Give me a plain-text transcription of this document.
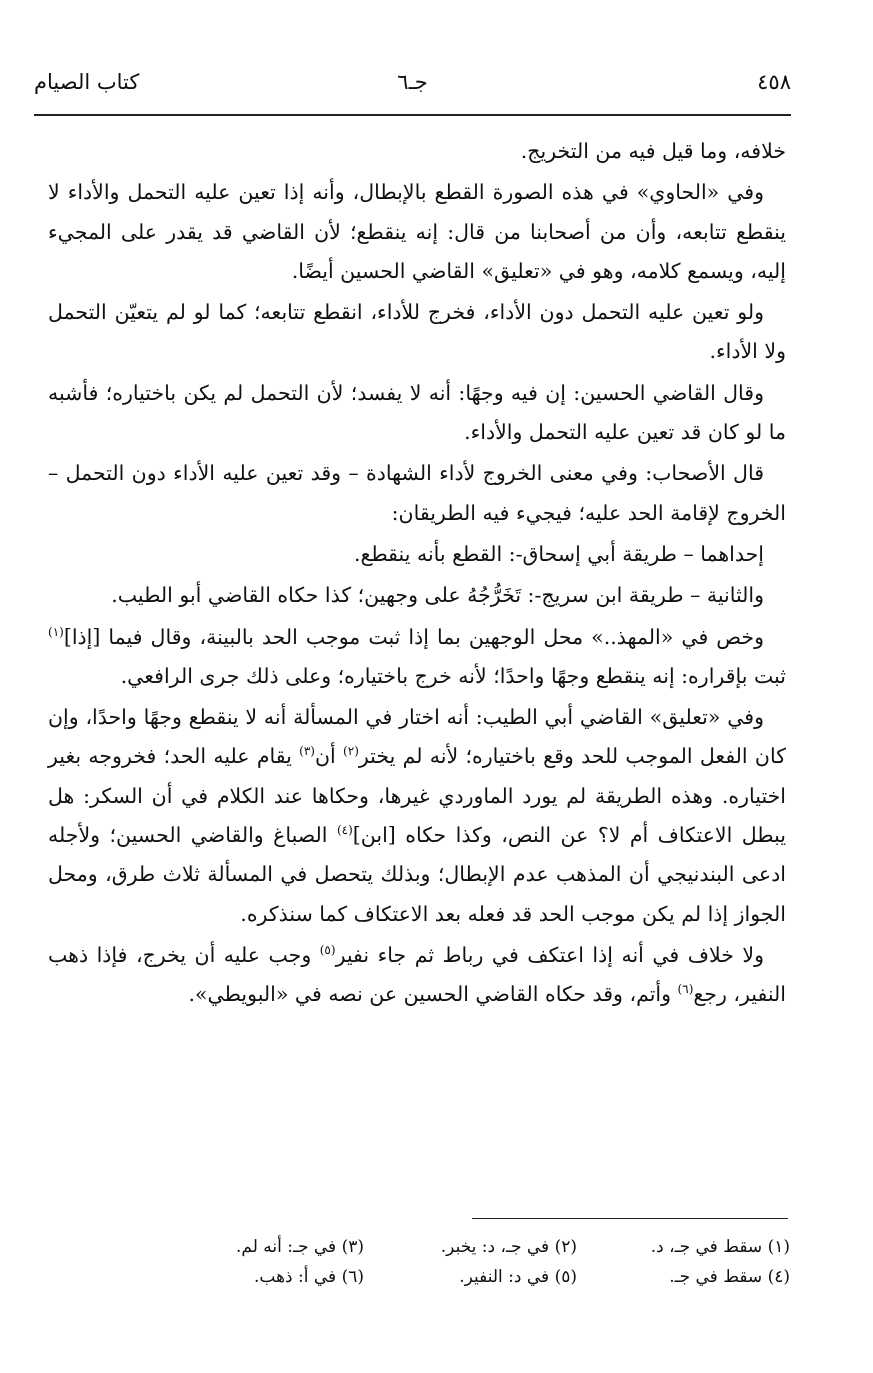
٤٥٨
جـ٦
كتاب الصيام

خلافه، وما قيل فيه من التخريج.

وفي «الحاوي» في هذه الصورة القطع بالإبطال، وأنه إذا تعين عليه التحمل والأداء لا ينقطع تتابعه، وأن من أصحابنا من قال: إنه ينقطع؛ لأن القاضي قد يقدر على المجيء إليه، ويسمع كلامه، وهو في «تعليق» القاضي الحسين أيضًا.

ولو تعين عليه التحمل دون الأداء، فخرج للأداء، انقطع تتابعه؛ كما لو لم يتعيّن التحمل ولا الأداء.

وقال القاضي الحسين: إن فيه وجهًا: أنه لا يفسد؛ لأن التحمل لم يكن باختياره؛ فأشبه ما لو كان قد تعين عليه التحمل والأداء.

قال الأصحاب: وفي معنى الخروج لأداء الشهادة – وقد تعين عليه الأداء دون التحمل – الخروج لإقامة الحد عليه؛ فيجيء فيه الطريقان:

إحداهما – طريقة أبي إسحاق-: القطع بأنه ينقطع.

والثانية – طريقة ابن سريج-: تَخَرُّجُهُ على وجهين؛ كذا حكاه القاضي أبو الطيب.

وخص في «المهذ..» محل الوجهين بما إذا ثبت موجب الحد بالبينة، وقال فيما [إذا]$^{(١)}$ ثبت بإقراره: إنه ينقطع وجهًا واحدًا؛ لأنه خرج باختياره؛ وعلى ذلك جرى الرافعي.

وفي «تعليق» القاضي أبي الطيب: أنه اختار في المسألة أنه لا ينقطع وجهًا واحدًا، وإن كان الفعل الموجب للحد وقع باختياره؛ لأنه لم يختر$^{(٢)}$ أن$^{(٣)}$ يقام عليه الحد؛ فخروجه بغير اختياره. وهذه الطريقة لم يورد الماوردي غيرها، وحكاها عند الكلام في أن السكر: هل يبطل الاعتكاف أم لا؟ عن النص، وكذا حكاه [ابن]$^{(٤)}$ الصباغ والقاضي الحسين؛ ولأجله ادعى البندنيجي أن المذهب عدم الإبطال؛ وبذلك يتحصل في المسألة ثلاث طرق، ومحل الجواز إذا لم يكن موجب الحد قد فعله بعد الاعتكاف كما سنذكره.

ولا خلاف في أنه إذا اعتكف في رباط ثم جاء نفير$^{(٥)}$ وجب عليه أن يخرج، فإذا ذهب النفير، رجع$^{(٦)}$ وأتم، وقد حكاه القاضي الحسين عن نصه في «البويطي».

(١) سقط في جـ، د.
(٢) في جـ، د: يخبر.
(٣) في جـ: أنه لم.
(٤) سقط في جـ.
(٥) في د: النفير.
(٦) في أ: ذهب.
